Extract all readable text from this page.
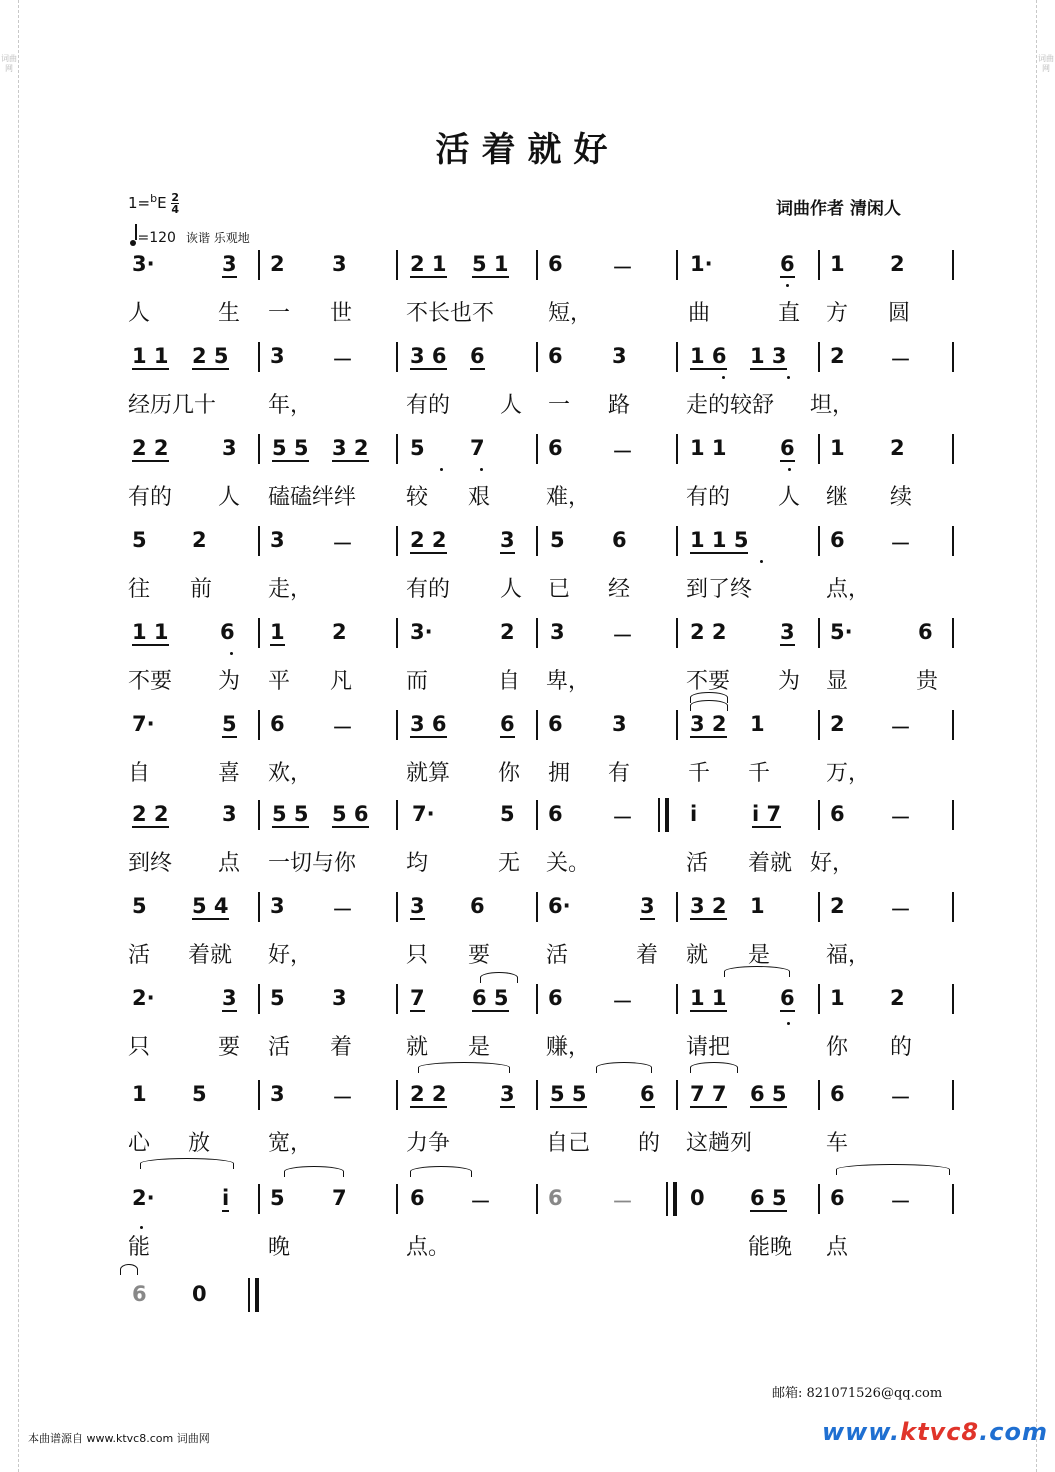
词曲网
词曲网
活着就好
$1=^bE \frac{2}{4}$
=120 诙谐 乐观地
词曲作者 清闲人
3·	3 2 3	2 1 5 1 6 －	1·	6 1 2
人	生 一 世 不长也不 短，	曲	直 方 圆
1 1 2 5 3 －	3 6 6	6 3	1 6 1 3 2 －
经历几十 年，	有的 人 一 路	走的较舒 坦，
2 2	3 5 5 3 2 5 7	6 －	1 1	6 1 2
有的 人 磕磕绊绊 较 艰	难，	有的 人 继 续
5 2	3 －	2 2	3 5 6	1 1 5	6 －
往 前	走，	有的 人 已 经	到了终	点，
1 1 6 1 2	3·	2 3 －	2 2	3 5·	6
不要 为 平 凡 而	自 卑，	不要 为 显	贵
7·	5 6 －	3 6	6 6 3	3 2 1	2 －
自	喜 欢，	就算 你 拥 有	千 千	万，
2 2	3 5 5 5 6 7·	5 6 －	i	i 7 6 －
到终 点 一切与你 均	无 关。	活 着就 好，
5 5 4 3 －	3 6	6·	3 3 2 1	2 －
活 着就 好，	只 要	活	着 就 是	福，
2·	3 5 3	7 6 5 6 －	1 1	6 1 2
只	要 活 着 就 是	赚，	请把	你 的
1 5	3 －	2 2	3 5 5	6 7 7 6 5 6 －
心 放	宽，	力争	自己 的 这趟列	车
2·	i 5 7	6 －	6 －	0 6 5 6 －
能	晚	点。	能晚 点
6 0
邮箱: 821071526@qq.com
本曲谱源自 www.ktvc8.com 词曲网	www.ktvc8.com
